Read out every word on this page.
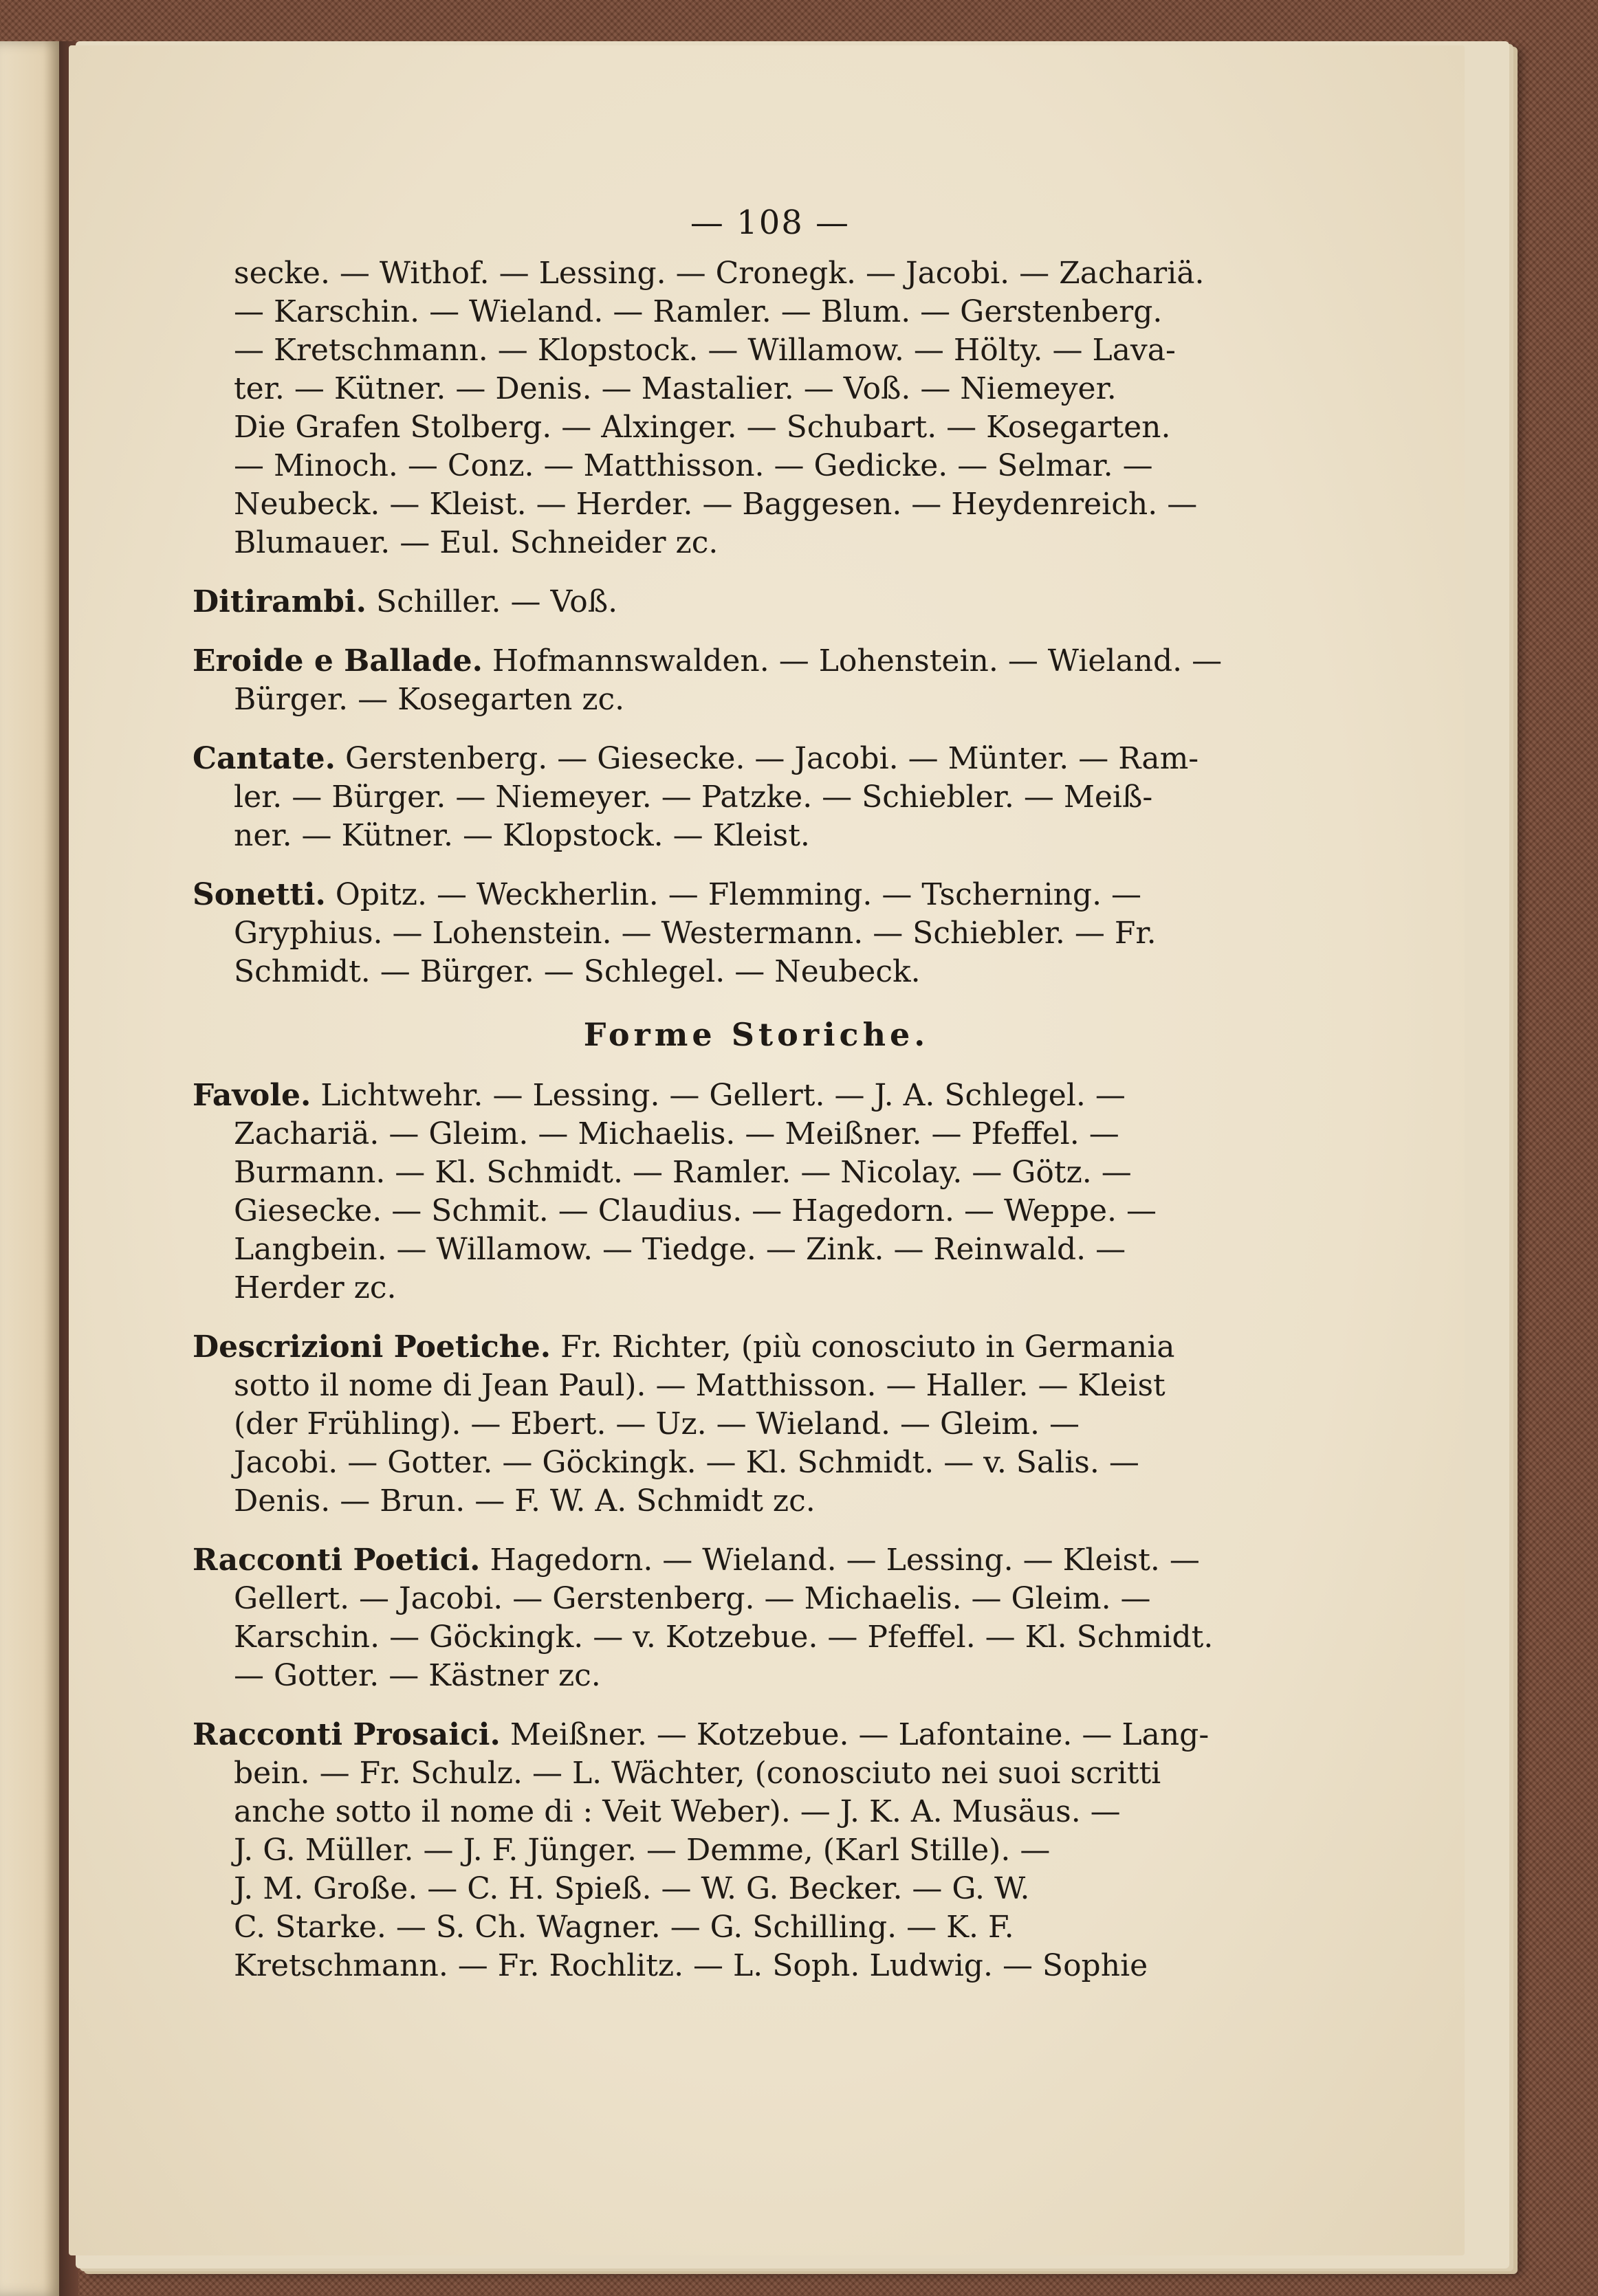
— 108 —

secke. — Withof. — Lessing. — Cronegk. — Jacobi. — Zachariä.

— Karschin. — Wieland. — Ramler. — Blum. — Gerstenberg.

— Kretschmann. — Klopstock. — Willamow. — Hölty. — Lava-

ter. — Kütner. — Denis. — Mastalier. — Voß. — Niemeyer.

Die Grafen Stolberg. — Alxinger. — Schubart. — Kosegarten.

— Minoch. — Conz. — Matthisson. — Gedicke. — Selmar. —

Neubeck. — Kleist. — Herder. — Baggesen. — Heydenreich. —

Blumauer. — Eul. Schneider zc.

Ditirambi. Schiller. — Voß.

Eroide e Ballade. Hofmannswalden. — Lohenstein. — Wieland. —

Bürger. — Kosegarten zc.

Cantate. Gerstenberg. — Giesecke. — Jacobi. — Münter. — Ram-

ler. — Bürger. — Niemeyer. — Patzke. — Schiebler. — Meiß-

ner. — Kütner. — Klopstock. — Kleist.

Sonetti. Opitz. — Weckherlin. — Flemming. — Tscherning. —

Gryphius. — Lohenstein. — Westermann. — Schiebler. — Fr.

Schmidt. — Bürger. — Schlegel. — Neubeck.

Forme Storiche.

Favole. Lichtwehr. — Lessing. — Gellert. — J. A. Schlegel. —

Zachariä. — Gleim. — Michaelis. — Meißner. — Pfeffel. —

Burmann. — Kl. Schmidt. — Ramler. — Nicolay. — Götz. —

Giesecke. — Schmit. — Claudius. — Hagedorn. — Weppe. —

Langbein. — Willamow. — Tiedge. — Zink. — Reinwald. —

Herder zc.

Descrizioni Poetiche. Fr. Richter, (più conosciuto in Germania

sotto il nome di Jean Paul). — Matthisson. — Haller. — Kleist

(der Frühling). — Ebert. — Uz. — Wieland. — Gleim. —

Jacobi. — Gotter. — Göckingk. — Kl. Schmidt. — v. Salis. —

Denis. — Brun. — F. W. A. Schmidt zc.

Racconti Poetici. Hagedorn. — Wieland. — Lessing. — Kleist. —

Gellert. — Jacobi. — Gerstenberg. — Michaelis. — Gleim. —

Karschin. — Göckingk. — v. Kotzebue. — Pfeffel. — Kl. Schmidt.

— Gotter. — Kästner zc.

Racconti Prosaici. Meißner. — Kotzebue. — Lafontaine. — Lang-

bein. — Fr. Schulz. — L. Wächter, (conosciuto nei suoi scritti

anche sotto il nome di : Veit Weber). — J. K. A. Musäus. —

J. G. Müller. — J. F. Jünger. — Demme, (Karl Stille). —

J. M. Große. — C. H. Spieß. — W. G. Becker. — G. W.

C. Starke. — S. Ch. Wagner. — G. Schilling. — K. F.

Kretschmann. — Fr. Rochlitz. — L. Soph. Ludwig. — Sophie
